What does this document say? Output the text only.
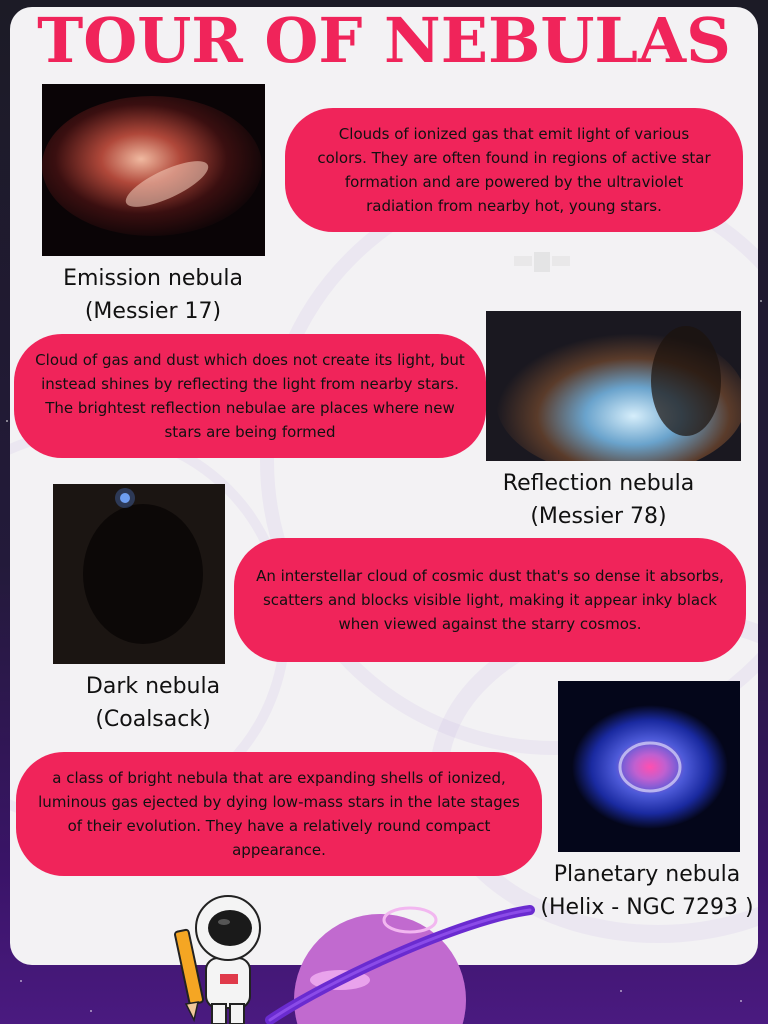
TOUR OF NEBULAS
Clouds of ionized gas that emit light of various colors. They are often found in regions of active star formation and are powered by the ultraviolet radiation from nearby hot, young stars.
Emission nebula
(Messier 17)
Cloud of gas and dust which does not create its light, but instead shines by reflecting the light from nearby stars. The brightest reflection nebulae are places where new stars are being formed
Reflection nebula
(Messier 78)
An interstellar cloud of cosmic dust that's so dense it absorbs, scatters and blocks visible light, making it appear inky black when viewed against the starry cosmos.
Dark nebula
(Coalsack)
a class of bright nebula that are expanding shells of ionized, luminous gas ejected by dying low-mass stars in the late stages of their evolution. They have a relatively round compact appearance.
Planetary nebula
(Helix - NGC 7293 )
